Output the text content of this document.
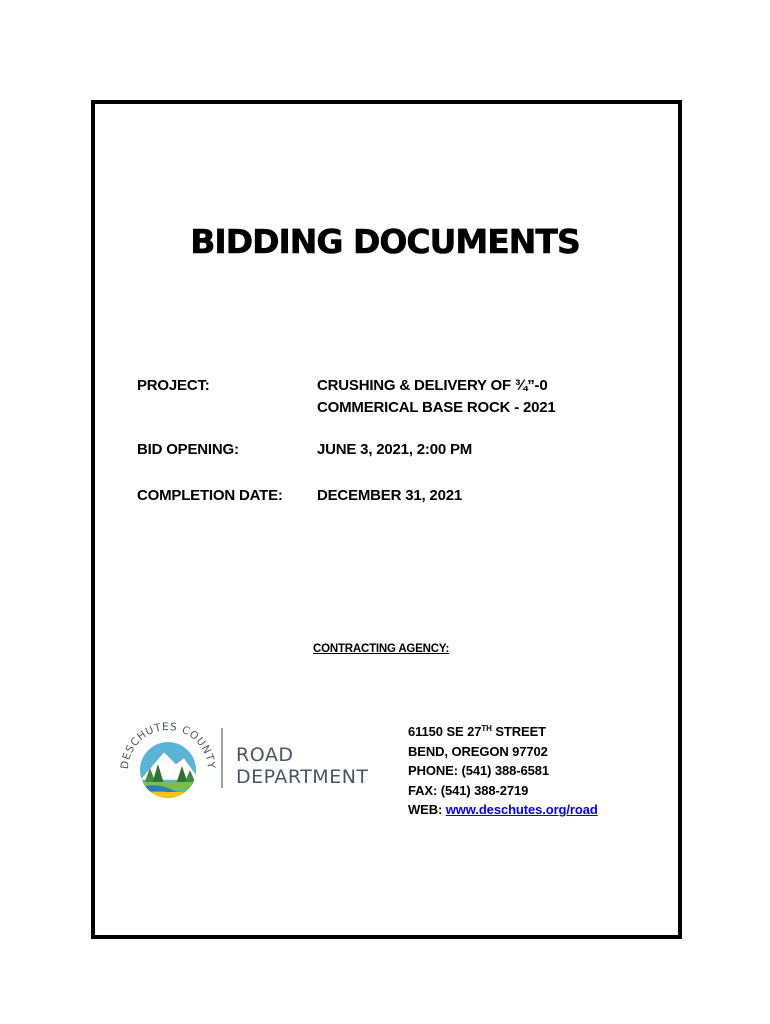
BIDDING DOCUMENTS
PROJECT:	CRUSHING & DELIVERY OF ¾”-0
COMMERICAL BASE ROCK - 2021
BID OPENING:	JUNE 3, 2021, 2:00 PM
COMPLETION DATE: DECEMBER 31, 2021
CONTRACTING AGENCY:
DESCHUTES COUNTY ROAD
DEPARTMENT
61150 SE 27TH STREET
BEND, OREGON 97702
PHONE: (541) 388-6581
FAX: (541) 388-2719
WEB: www.deschutes.org/road
